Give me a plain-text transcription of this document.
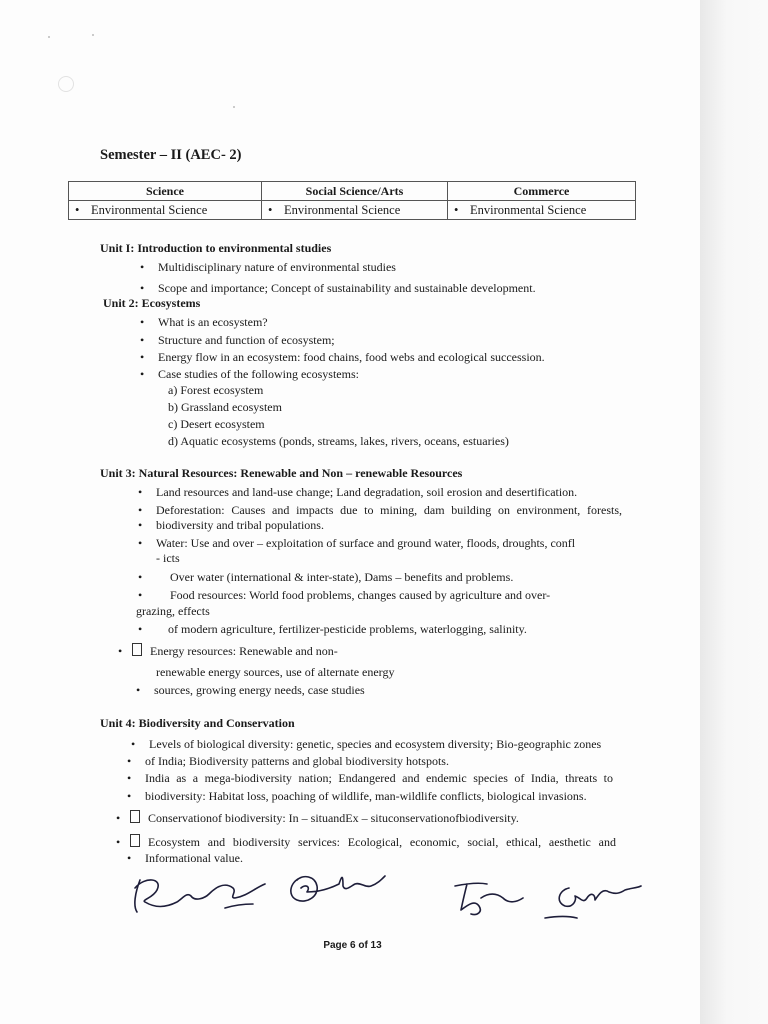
Semester – II (AEC- 2)
Science	Social Science/Arts	Commerce
• Environmental Science	• Environmental Science	• Environmental Science

Unit I: Introduction to environmental studies

• Multidisciplinary nature of environmental studies

• Scope and importance; Concept of sustainability and sustainable development.

Unit 2: Ecosystems

• What is an ecosystem?

• Structure and function of ecosystem;

• Energy flow in an ecosystem: food chains, food webs and ecological succession.

• Case studies of the following ecosystems:

a) Forest ecosystem

b) Grassland ecosystem

c) Desert ecosystem

d) Aquatic ecosystems (ponds, streams, lakes, rivers, oceans, estuaries)

Unit 3: Natural Resources: Renewable and Non – renewable Resources

• Land resources and land-use change; Land degradation, soil erosion and desertification.

• Deforestation: Causes and impacts due to mining, dam building on environment, forests,

• biodiversity and tribal populations.

• Water: Use and over – exploitation of surface and ground water, floods, droughts, confl

- icts

• Over water (international & inter-state), Dams – benefits and problems.

• Food resources: World food problems, changes caused by agriculture and over-

grazing, effects

• of modern agriculture, fertilizer-pesticide problems, waterlogging, salinity.

• Energy resources: Renewable and non-

renewable energy sources, use of alternate energy

• sources, growing energy needs, case studies

Unit 4: Biodiversity and Conservation

• Levels of biological diversity: genetic, species and ecosystem diversity; Bio-geographic zones

• of India; Biodiversity patterns and global biodiversity hotspots.

• India as a mega-biodiversity nation; Endangered and endemic species of India, threats to

• biodiversity: Habitat loss, poaching of wildlife, man-wildlife conflicts, biological invasions.

• Conservationof biodiversity: In – situandEx – situconservationofbiodiversity.

• Ecosystem and biodiversity services: Ecological, economic, social, ethical, aesthetic and

• Informational value.

Page 6 of 13
